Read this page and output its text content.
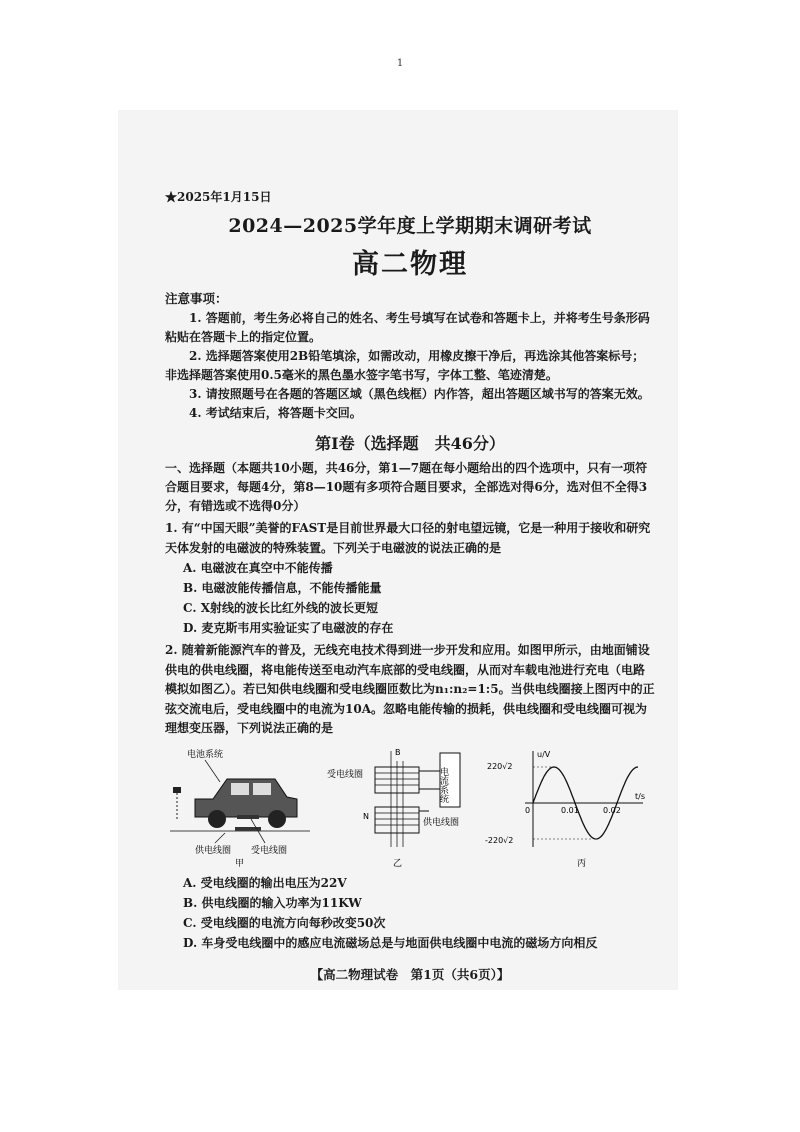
1
★2025年1月15日
2024—2025学年度上学期期末调研考试
高二物理
注意事项：
1. 答题前，考生务必将自己的姓名、考生号填写在试卷和答题卡上，并将考生号条形码粘贴在答题卡上的指定位置。
2. 选择题答案使用2B铅笔填涂，如需改动，用橡皮擦干净后，再选涂其他答案标号；非选择题答案使用0.5毫米的黑色墨水签字笔书写，字体工整、笔迹清楚。
3. 请按照题号在各题的答题区域（黑色线框）内作答，超出答题区域书写的答案无效。
4. 考试结束后，将答题卡交回。
第Ⅰ卷（选择题　共46分）
一、选择题（本题共10小题，共46分，第1—7题在每小题给出的四个选项中，只有一项符合题目要求，每题4分，第8—10题有多项符合题目要求，全部选对得6分，选对但不全得3分，有错选或不选得0分）
1. 有“中国天眼”美誉的FAST是目前世界最大口径的射电望远镜，它是一种用于接收和研究天体发射的电磁波的特殊装置。下列关于电磁波的说法正确的是
A. 电磁波在真空中不能传播
B. 电磁波能传播信息，不能传播能量
C. X射线的波长比红外线的波长更短
D. 麦克斯韦用实验证实了电磁波的存在
2. 随着新能源汽车的普及，无线充电技术得到进一步开发和应用。如图甲所示，由地面铺设供电的供电线圈，将电能传送至电动汽车底部的受电线圈，从而对车载电池进行充电（电路模拟如图乙）。若已知供电线圈和受电线圈匝数比为n₁:n₂=1:5。当供电线圈接上图丙中的正弦交流电后，受电线圈中的电流为10A。忽略电能传输的损耗，供电线圈和受电线圈可视为理想变压器，下列说法正确的是
电池系统
供电线圈 受电线圈
甲
受电线圈
B
N
电流系统
供电线圈
乙
u/V
t/s
220√2
-220√2
0	0.01	0.02
丙
A. 受电线圈的输出电压为22V
B. 供电线圈的输入功率为11KW
C. 受电线圈的电流方向每秒改变50次
D. 车身受电线圈中的感应电流磁场总是与地面供电线圈中电流的磁场方向相反
【高二物理试卷　第1页（共6页）】
